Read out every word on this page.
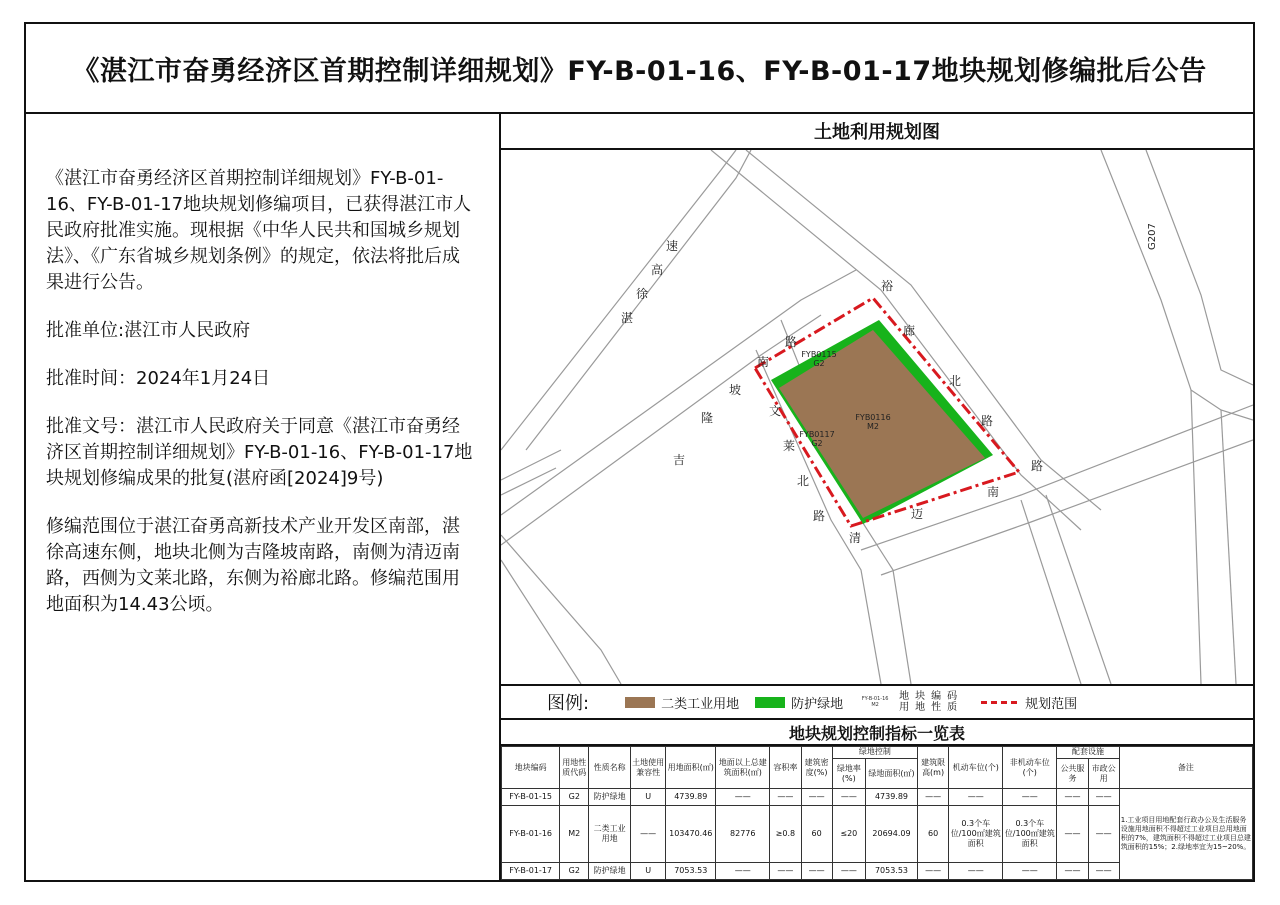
《湛江市奋勇经济区首期控制详细规划》FY-B-01-16、FY-B-01-17地块规划修编批后公告

《湛江市奋勇经济区首期控制详细规划》FY-B-01-16、FY-B-01-17地块规划修编项目，已获得湛江市人民政府批准实施。现根据《中华人民共和国城乡规划法》、《广东省城乡规划条例》的规定，依法将批后成果进行公告。

批准单位:湛江市人民政府

批准时间：2024年1月24日

批准文号：湛江市人民政府关于同意《湛江市奋勇经济区首期控制详细规划》FY-B-01-16、FY-B-01-17地块规划修编成果的批复(湛府函[2024]9号)

修编范围位于湛江奋勇高新技术产业开发区南部，湛徐高速东侧，地块北侧为吉隆坡南路，南侧为清迈南路，西侧为文莱北路，东侧为裕廊北路。修编范围用地面积为14.43公顷。

土地利用规划图
湛
徐
高
速
吉
隆
坡
南
路
文
莱
北
路
裕
廊
北
路
清
迈
南
路
G207
FYB0115
G2
FYB0116
M2
FYB0117
G2
图例:	二类工业用地	防护绿地	FY-B-01-16 M2
地块编码
用地性质	规划范围
地块规划控制指标一览表
地块编码	用地性质代码	性质名称	土地使用兼容性	用地面积(㎡)	地面以上总建筑面积(㎡)	容积率	建筑密度(%)	绿地控制		建筑限高(m)	机动车位(个)	非机动车位(个)	配套设施		备注
								绿地率(%)	绿地面积(㎡)				公共服务	市政公用	
FY-B-01-15	G2	防护绿地	U	4739.89	——	——	——	——	4739.89	——	——	——	——	——	1.工业项目用地配套行政办公及生活服务设施用地面积不得超过工业项目总用地面积的7%，建筑面积不得超过工业项目总建筑面积的15%；2.绿地率宜为15~20%。
FY-B-01-16	M2	二类工业用地	——	103470.46	82776	≥0.8	60	≤20	20694.09	60	0.3个车位/100㎡建筑面积	0.3个车位/100㎡建筑面积	——	——	
FY-B-01-17	G2	防护绿地	U	7053.53	——	——	——	——	7053.53	——	——	——	——	——	
